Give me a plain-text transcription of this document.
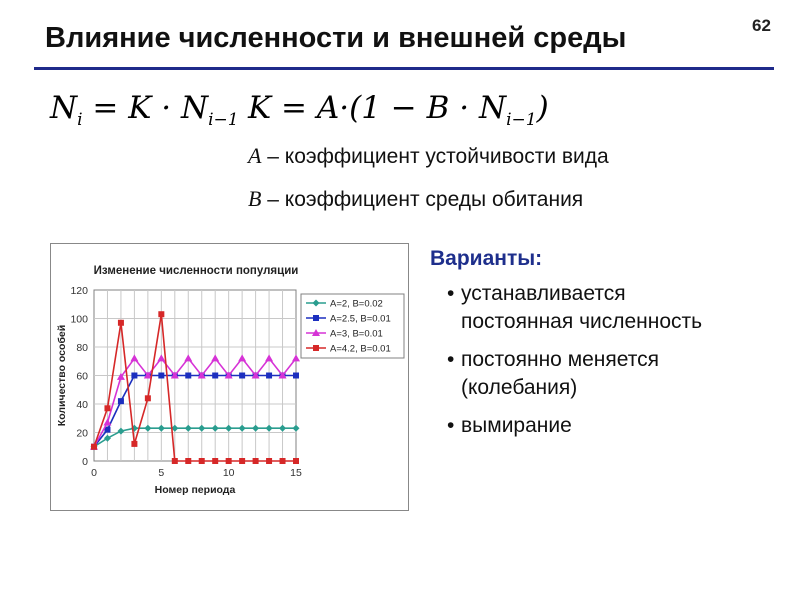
Влияние численности и внешней среды	62
$N_i = K \cdot N_{i-1}$ $K = A\cdot(1 - B \cdot N_{i-1})$
A – коэффициент устойчивости вида
B – коэффициент среды обитания
Изменение численности популяции
0
20
40
60
80
100
120
0	5	10	15
Номер периода
Количество особей
A=2, B=0.02
A=2.5, B=0.01
A=3, B=0.01
A=4.2, B=0.01
Варианты:
• устанавливается
постоянная численность
• постоянно меняется
(колебания)
• вымирание
